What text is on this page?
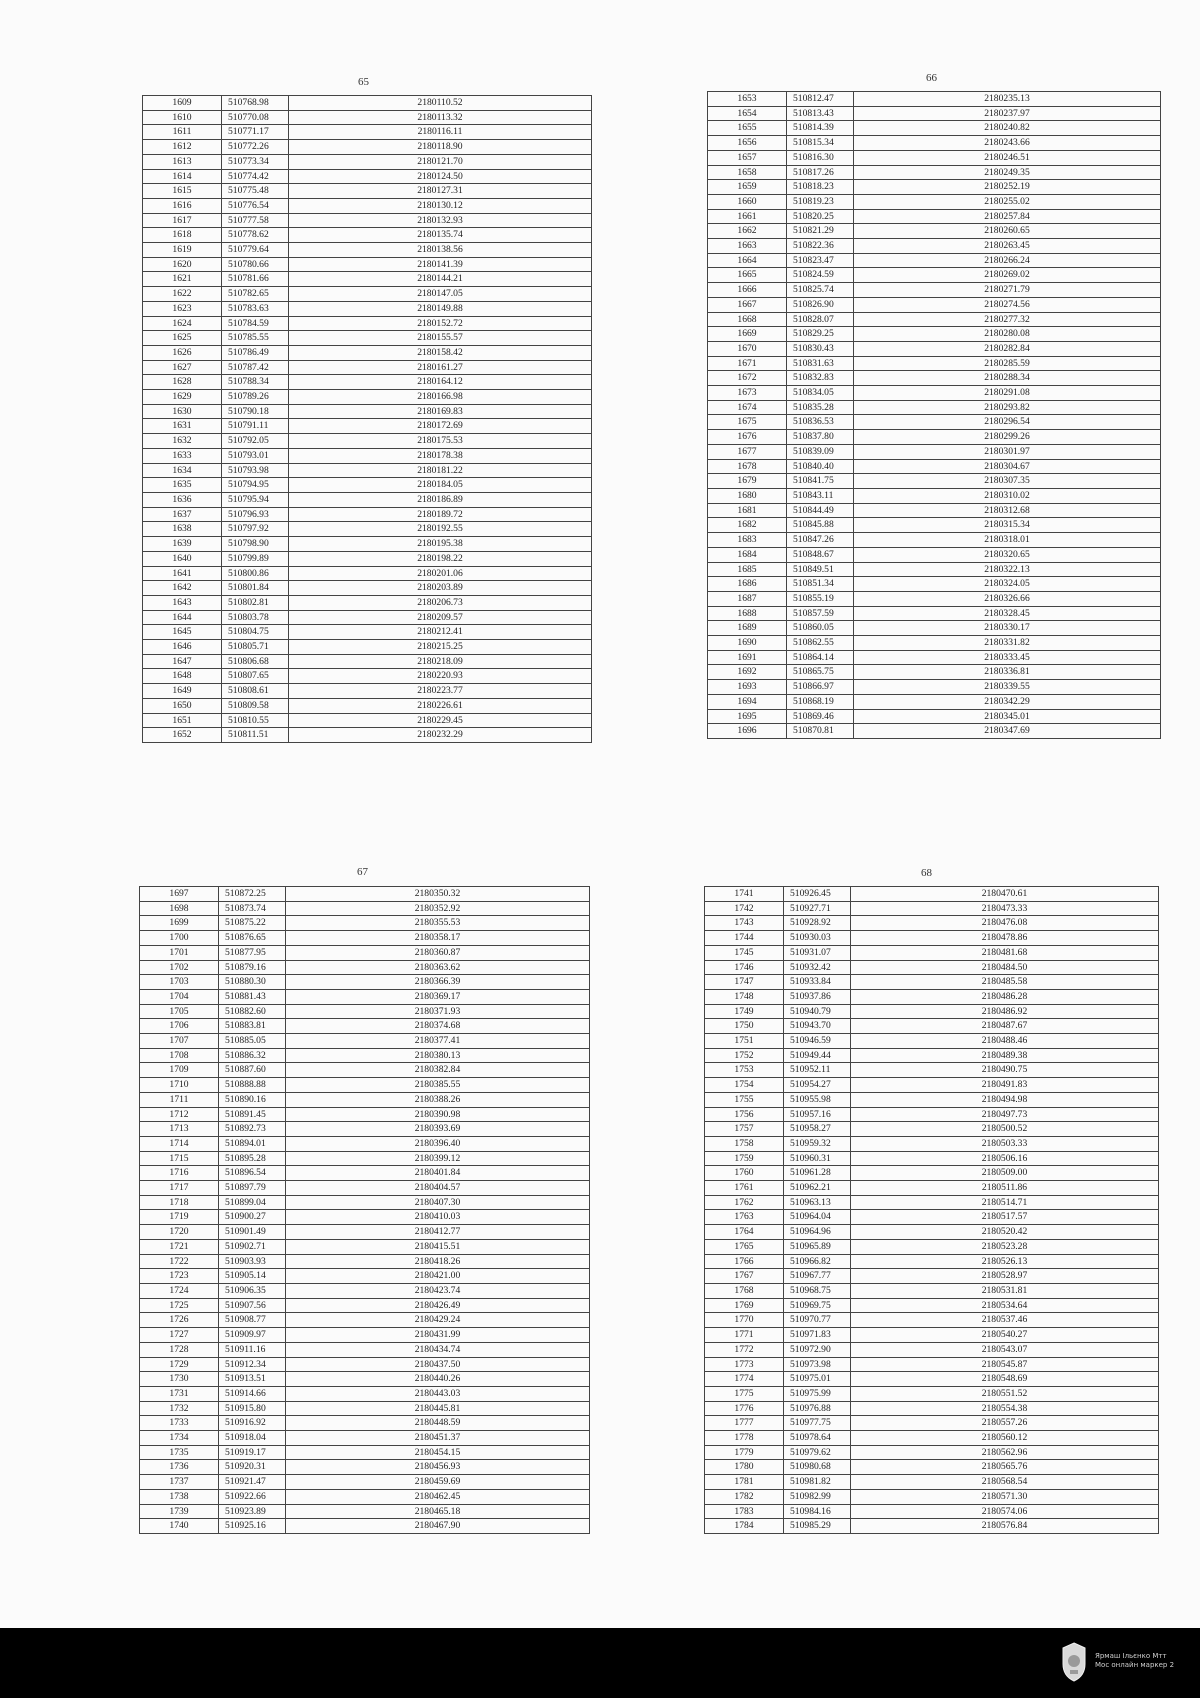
65
1609	510768.98	2180110.52
1610	510770.08	2180113.32
1611	510771.17	2180116.11
1612	510772.26	2180118.90
1613	510773.34	2180121.70
1614	510774.42	2180124.50
1615	510775.48	2180127.31
1616	510776.54	2180130.12
1617	510777.58	2180132.93
1618	510778.62	2180135.74
1619	510779.64	2180138.56
1620	510780.66	2180141.39
1621	510781.66	2180144.21
1622	510782.65	2180147.05
1623	510783.63	2180149.88
1624	510784.59	2180152.72
1625	510785.55	2180155.57
1626	510786.49	2180158.42
1627	510787.42	2180161.27
1628	510788.34	2180164.12
1629	510789.26	2180166.98
1630	510790.18	2180169.83
1631	510791.11	2180172.69
1632	510792.05	2180175.53
1633	510793.01	2180178.38
1634	510793.98	2180181.22
1635	510794.95	2180184.05
1636	510795.94	2180186.89
1637	510796.93	2180189.72
1638	510797.92	2180192.55
1639	510798.90	2180195.38
1640	510799.89	2180198.22
1641	510800.86	2180201.06
1642	510801.84	2180203.89
1643	510802.81	2180206.73
1644	510803.78	2180209.57
1645	510804.75	2180212.41
1646	510805.71	2180215.25
1647	510806.68	2180218.09
1648	510807.65	2180220.93
1649	510808.61	2180223.77
1650	510809.58	2180226.61
1651	510810.55	2180229.45
1652	510811.51	2180232.29
66
1653	510812.47	2180235.13
1654	510813.43	2180237.97
1655	510814.39	2180240.82
1656	510815.34	2180243.66
1657	510816.30	2180246.51
1658	510817.26	2180249.35
1659	510818.23	2180252.19
1660	510819.23	2180255.02
1661	510820.25	2180257.84
1662	510821.29	2180260.65
1663	510822.36	2180263.45
1664	510823.47	2180266.24
1665	510824.59	2180269.02
1666	510825.74	2180271.79
1667	510826.90	2180274.56
1668	510828.07	2180277.32
1669	510829.25	2180280.08
1670	510830.43	2180282.84
1671	510831.63	2180285.59
1672	510832.83	2180288.34
1673	510834.05	2180291.08
1674	510835.28	2180293.82
1675	510836.53	2180296.54
1676	510837.80	2180299.26
1677	510839.09	2180301.97
1678	510840.40	2180304.67
1679	510841.75	2180307.35
1680	510843.11	2180310.02
1681	510844.49	2180312.68
1682	510845.88	2180315.34
1683	510847.26	2180318.01
1684	510848.67	2180320.65
1685	510849.51	2180322.13
1686	510851.34	2180324.05
1687	510855.19	2180326.66
1688	510857.59	2180328.45
1689	510860.05	2180330.17
1690	510862.55	2180331.82
1691	510864.14	2180333.45
1692	510865.75	2180336.81
1693	510866.97	2180339.55
1694	510868.19	2180342.29
1695	510869.46	2180345.01
1696	510870.81	2180347.69
67
1697	510872.25	2180350.32
1698	510873.74	2180352.92
1699	510875.22	2180355.53
1700	510876.65	2180358.17
1701	510877.95	2180360.87
1702	510879.16	2180363.62
1703	510880.30	2180366.39
1704	510881.43	2180369.17
1705	510882.60	2180371.93
1706	510883.81	2180374.68
1707	510885.05	2180377.41
1708	510886.32	2180380.13
1709	510887.60	2180382.84
1710	510888.88	2180385.55
1711	510890.16	2180388.26
1712	510891.45	2180390.98
1713	510892.73	2180393.69
1714	510894.01	2180396.40
1715	510895.28	2180399.12
1716	510896.54	2180401.84
1717	510897.79	2180404.57
1718	510899.04	2180407.30
1719	510900.27	2180410.03
1720	510901.49	2180412.77
1721	510902.71	2180415.51
1722	510903.93	2180418.26
1723	510905.14	2180421.00
1724	510906.35	2180423.74
1725	510907.56	2180426.49
1726	510908.77	2180429.24
1727	510909.97	2180431.99
1728	510911.16	2180434.74
1729	510912.34	2180437.50
1730	510913.51	2180440.26
1731	510914.66	2180443.03
1732	510915.80	2180445.81
1733	510916.92	2180448.59
1734	510918.04	2180451.37
1735	510919.17	2180454.15
1736	510920.31	2180456.93
1737	510921.47	2180459.69
1738	510922.66	2180462.45
1739	510923.89	2180465.18
1740	510925.16	2180467.90
68
1741	510926.45	2180470.61
1742	510927.71	2180473.33
1743	510928.92	2180476.08
1744	510930.03	2180478.86
1745	510931.07	2180481.68
1746	510932.42	2180484.50
1747	510933.84	2180485.58
1748	510937.86	2180486.28
1749	510940.79	2180486.92
1750	510943.70	2180487.67
1751	510946.59	2180488.46
1752	510949.44	2180489.38
1753	510952.11	2180490.75
1754	510954.27	2180491.83
1755	510955.98	2180494.98
1756	510957.16	2180497.73
1757	510958.27	2180500.52
1758	510959.32	2180503.33
1759	510960.31	2180506.16
1760	510961.28	2180509.00
1761	510962.21	2180511.86
1762	510963.13	2180514.71
1763	510964.04	2180517.57
1764	510964.96	2180520.42
1765	510965.89	2180523.28
1766	510966.82	2180526.13
1767	510967.77	2180528.97
1768	510968.75	2180531.81
1769	510969.75	2180534.64
1770	510970.77	2180537.46
1771	510971.83	2180540.27
1772	510972.90	2180543.07
1773	510973.98	2180545.87
1774	510975.01	2180548.69
1775	510975.99	2180551.52
1776	510976.88	2180554.38
1777	510977.75	2180557.26
1778	510978.64	2180560.12
1779	510979.62	2180562.96
1780	510980.68	2180565.76
1781	510981.82	2180568.54
1782	510982.99	2180571.30
1783	510984.16	2180574.06
1784	510985.29	2180576.84
Ярмаш Iльєнко Мтт
Мос онлайн маркер 2
